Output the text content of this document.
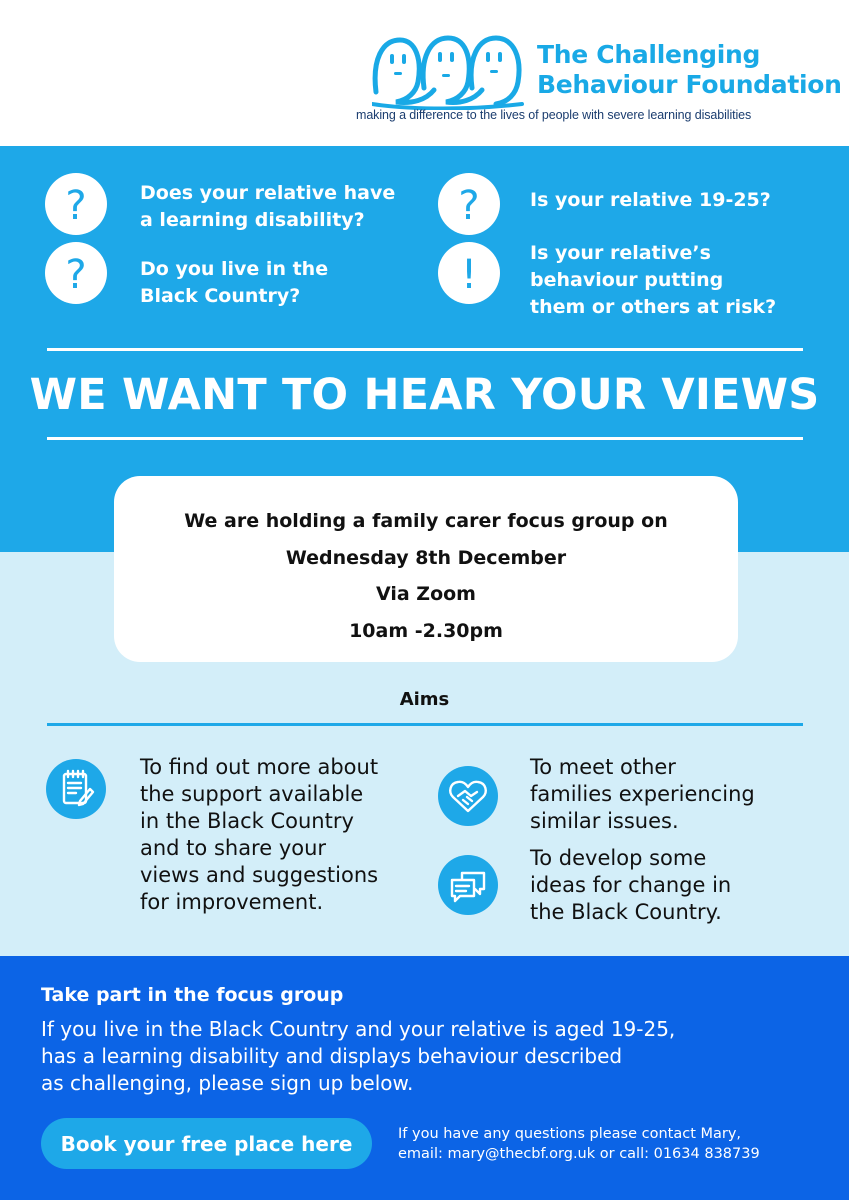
The Challenging
Behaviour Foundation
making a difference to the lives of people with severe learning disabilities
?	Does your relative have
a learning disability?
?	Do you live in the
Black Country?
?	Is your relative 19-25?
!	Is your relative’s
behaviour putting
them or others at risk?
WE WANT TO HEAR YOUR VIEWS
We are holding a family carer focus group on
Wednesday 8th December
Via Zoom
10am -2.30pm
Aims
To find out more about
the support available
in the Black Country
and to share your
views and suggestions
for improvement.
To meet other
families experiencing
similar issues.
To develop some
ideas for change in
the Black Country.
Take part in the focus group
If you live in the Black Country and your relative is aged 19-25,
has a learning disability and displays behaviour described
as challenging, please sign up below.
Book your free place here	If you have any questions please contact Mary,
email: mary@thecbf.org.uk or call: 01634 838739
